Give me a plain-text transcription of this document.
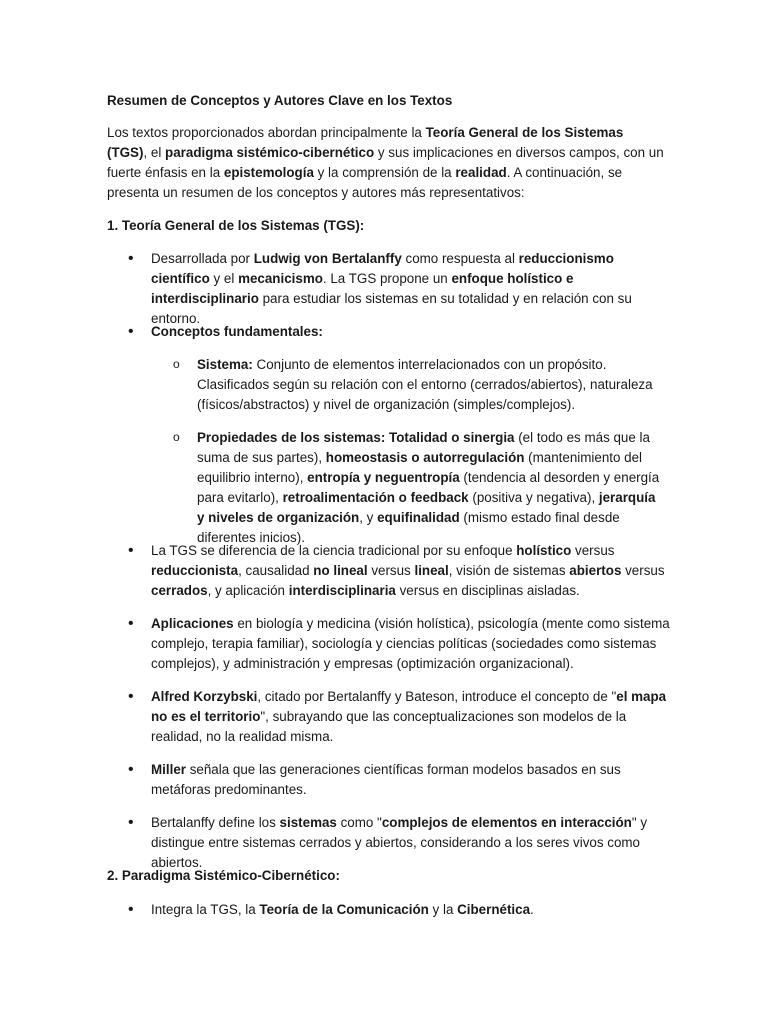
Resumen de Conceptos y Autores Clave en los Textos
Los textos proporcionados abordan principalmente la Teoría General de los Sistemas (TGS), el paradigma sistémico-cibernético y sus implicaciones en diversos campos, con un fuerte énfasis en la epistemología y la comprensión de la realidad. A continuación, se presenta un resumen de los conceptos y autores más representativos:
1. Teoría General de los Sistemas (TGS):
• Desarrollada por Ludwig von Bertalanffy como respuesta al reduccionismo científico y el mecanicismo. La TGS propone un enfoque holístico e interdisciplinario para estudiar los sistemas en su totalidad y en relación con su entorno.
• Conceptos fundamentales:
o Sistema: Conjunto de elementos interrelacionados con un propósito. Clasificados según su relación con el entorno (cerrados/abiertos), naturaleza (físicos/abstractos) y nivel de organización (simples/complejos).
o Propiedades de los sistemas: Totalidad o sinergia (el todo es más que la suma de sus partes), homeostasis o autorregulación (mantenimiento del equilibrio interno), entropía y neguentropía (tendencia al desorden y energía para evitarlo), retroalimentación o feedback (positiva y negativa), jerarquía y niveles de organización, y equifinalidad (mismo estado final desde diferentes inicios).
• La TGS se diferencia de la ciencia tradicional por su enfoque holístico versus reduccionista, causalidad no lineal versus lineal, visión de sistemas abiertos versus cerrados, y aplicación interdisciplinaria versus en disciplinas aisladas.
• Aplicaciones en biología y medicina (visión holística), psicología (mente como sistema complejo, terapia familiar), sociología y ciencias políticas (sociedades como sistemas complejos), y administración y empresas (optimización organizacional).
• Alfred Korzybski, citado por Bertalanffy y Bateson, introduce el concepto de "el mapa no es el territorio", subrayando que las conceptualizaciones son modelos de la realidad, no la realidad misma.
• Miller señala que las generaciones científicas forman modelos basados en sus metáforas predominantes.
• Bertalanffy define los sistemas como "complejos de elementos en interacción" y distingue entre sistemas cerrados y abiertos, considerando a los seres vivos como abiertos.
2. Paradigma Sistémico-Cibernético:
• Integra la TGS, la Teoría de la Comunicación y la Cibernética.
